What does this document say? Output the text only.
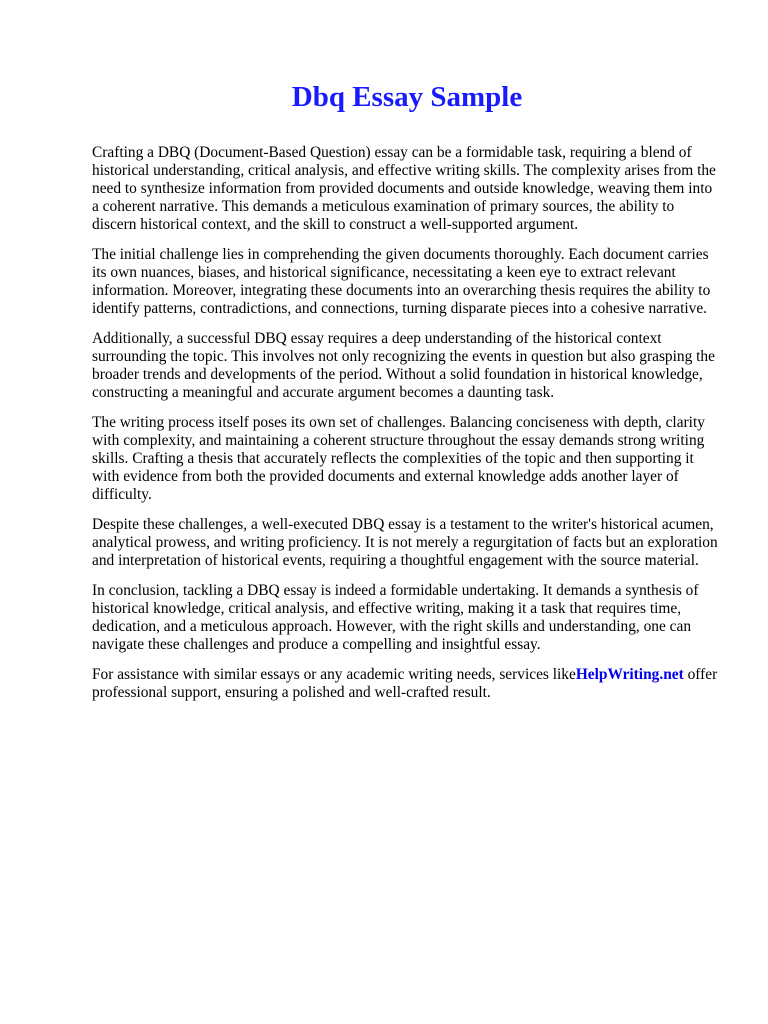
Dbq Essay Sample

Crafting a DBQ (Document-Based Question) essay can be a formidable task, requiring a blend of historical understanding, critical analysis, and effective writing skills. The complexity arises from the need to synthesize information from provided documents and outside knowledge, weaving them into a coherent narrative. This demands a meticulous examination of primary sources, the ability to discern historical context, and the skill to construct a well-supported argument.

The initial challenge lies in comprehending the given documents thoroughly. Each document carries its own nuances, biases, and historical significance, necessitating a keen eye to extract relevant information. Moreover, integrating these documents into an overarching thesis requires the ability to identify patterns, contradictions, and connections, turning disparate pieces into a cohesive narrative.

Additionally, a successful DBQ essay requires a deep understanding of the historical context surrounding the topic. This involves not only recognizing the events in question but also grasping the broader trends and developments of the period. Without a solid foundation in historical knowledge, constructing a meaningful and accurate argument becomes a daunting task.

The writing process itself poses its own set of challenges. Balancing conciseness with depth, clarity with complexity, and maintaining a coherent structure throughout the essay demands strong writing skills. Crafting a thesis that accurately reflects the complexities of the topic and then supporting it with evidence from both the provided documents and external knowledge adds another layer of difficulty.

Despite these challenges, a well-executed DBQ essay is a testament to the writer's historical acumen, analytical prowess, and writing proficiency. It is not merely a regurgitation of facts but an exploration and interpretation of historical events, requiring a thoughtful engagement with the source material.

In conclusion, tackling a DBQ essay is indeed a formidable undertaking. It demands a synthesis of historical knowledge, critical analysis, and effective writing, making it a task that requires time, dedication, and a meticulous approach. However, with the right skills and understanding, one can navigate these challenges and produce a compelling and insightful essay.

For assistance with similar essays or any academic writing needs, services likeHelpWriting.net offer professional support, ensuring a polished and well-crafted result.
